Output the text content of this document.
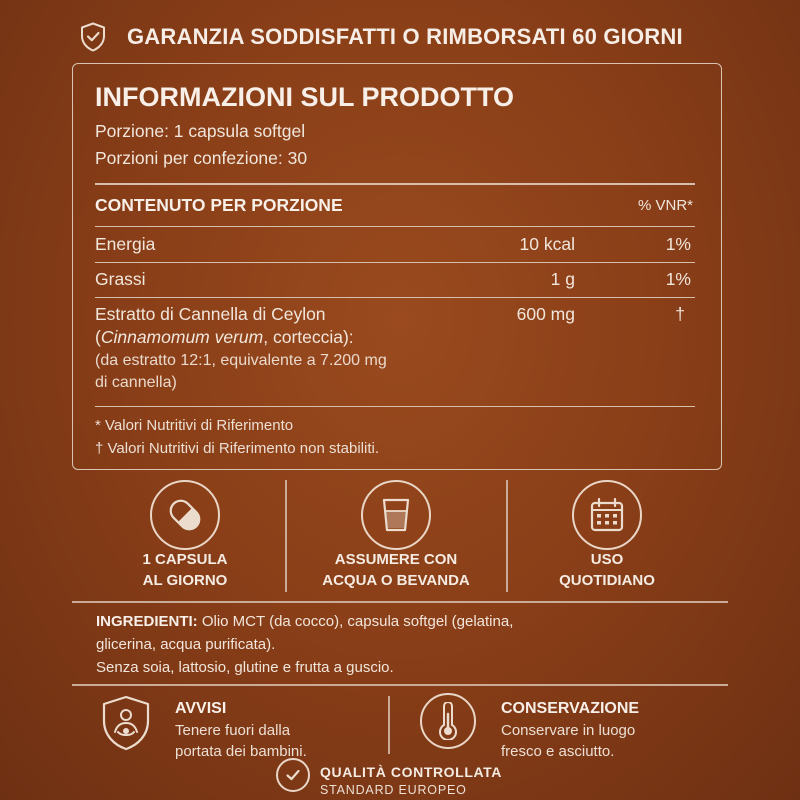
GARANZIA SODDISFATTI O RIMBORSATI 60 GIORNI
INFORMAZIONI SUL PRODOTTO
Porzione: 1 capsula softgel
Porzioni per confezione: 30
CONTENUTO PER PORZIONE	% VNR*
Energia	10 kcal	1%
Grassi	1 g	1%
Estratto di Cannella di Ceylon
(Cinnamomum verum, corteccia):
(da estratto 12:1, equivalente a 7.200 mg
di cannella)
600 mg	†
* Valori Nutritivi di Riferimento
† Valori Nutritivi di Riferimento non stabiliti.
1 CAPSULA
AL GIORNO
ASSUMERE CON
ACQUA O BEVANDA
USO
QUOTIDIANO
INGREDIENTI: Olio MCT (da cocco), capsula softgel (gelatina,
glicerina, acqua purificata).
Senza soia, lattosio, glutine e frutta a guscio.
AVVISI
Tenere fuori dalla
portata dei bambini.
CONSERVAZIONE
Conservare in luogo
fresco e asciutto.
QUALITÀ CONTROLLATA
STANDARD EUROPEO
